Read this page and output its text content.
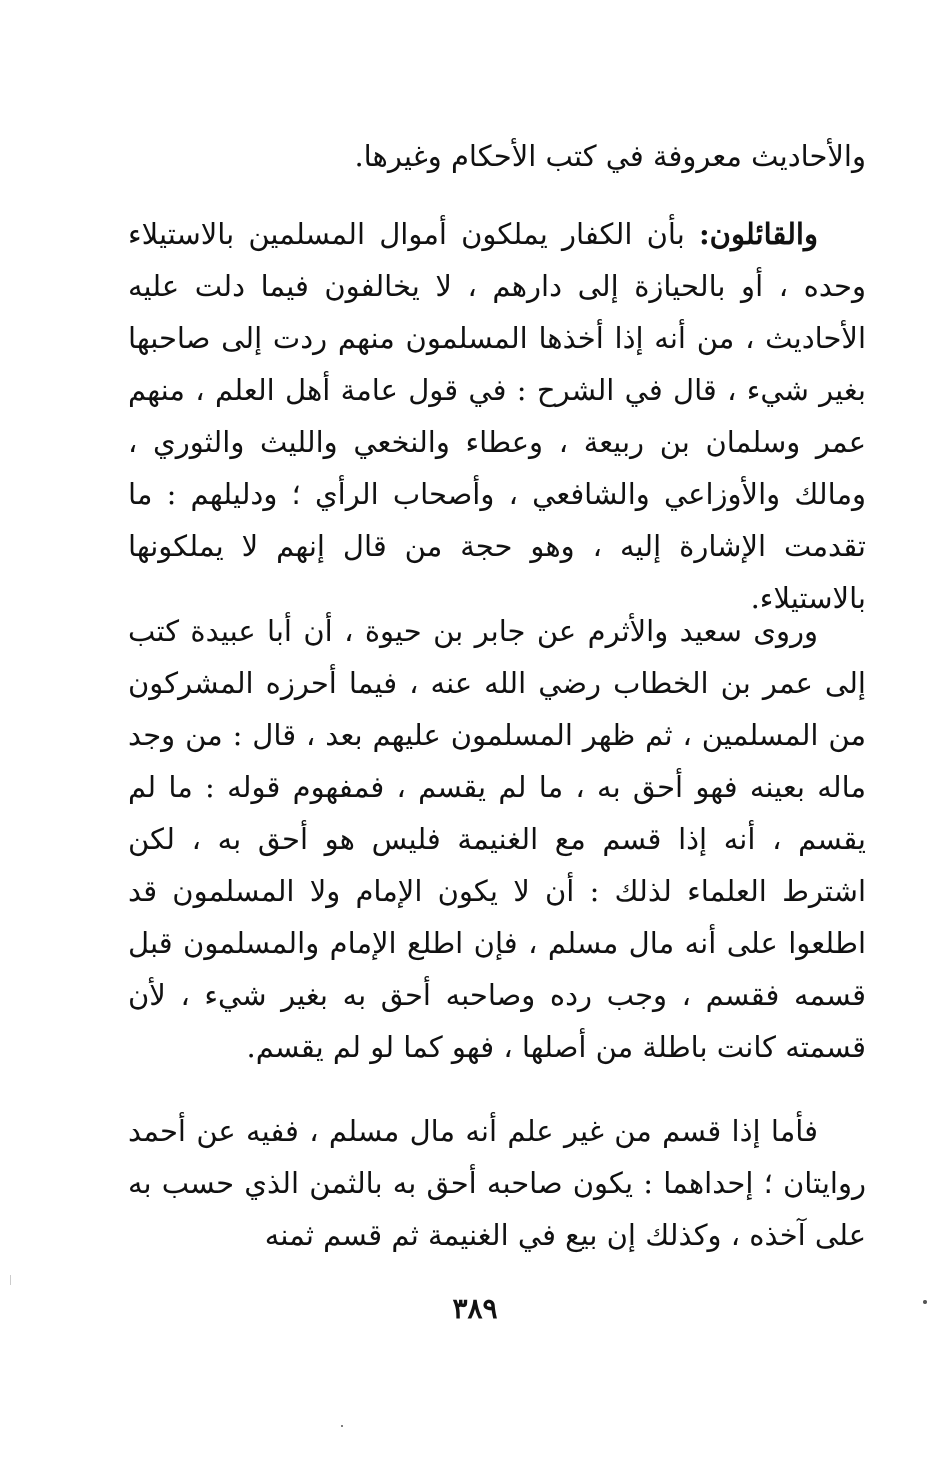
والأحاديث معروفة في كتب الأحكام وغيرها.

والقائلون: بأن الكفار يملكون أموال المسلمين بالاستيلاء وحده ، أو بالحيازة إلى دارهم ، لا يخالفون فيما دلت عليه الأحاديث ، من أنه إذا أخذها المسلمون منهم ردت إلى صاحبها بغير شيء ، قال في الشرح : في قول عامة أهل العلم ، منهم عمر وسلمان بن ربيعة ، وعطاء والنخعي والليث والثوري ، ومالك والأوزاعي والشافعي ، وأصحاب الرأي ؛ ودليلهم : ما تقدمت الإشارة إليه ، وهو حجة من قال إنهم لا يملكونها بالاستيلاء.

وروى سعيد والأثرم عن جابر بن حيوة ، أن أبا عبيدة كتب إلى عمر بن الخطاب رضي الله عنه ، فيما أحرزه المشركون من المسلمين ، ثم ظهر المسلمون عليهم بعد ، قال : من وجد ماله بعينه فهو أحق به ، ما لم يقسم ، فمفهوم قوله : ما لم يقسم ، أنه إذا قسم مع الغنيمة فليس هو أحق به ، لكن اشترط العلماء لذلك : أن لا يكون الإمام ولا المسلمون قد اطلعوا على أنه مال مسلم ، فإن اطلع الإمام والمسلمون قبل قسمه فقسم ، وجب رده وصاحبه أحق به بغير شيء ، لأن قسمته كانت باطلة من أصلها ، فهو كما لو لم يقسم.

فأما إذا قسم من غير علم أنه مال مسلم ، ففيه عن أحمد روايتان ؛ إحداهما : يكون صاحبه أحق به بالثمن الذي حسب به على آخذه ، وكذلك إن بيع في الغنيمة ثم قسم ثمنه

٣٨٩
